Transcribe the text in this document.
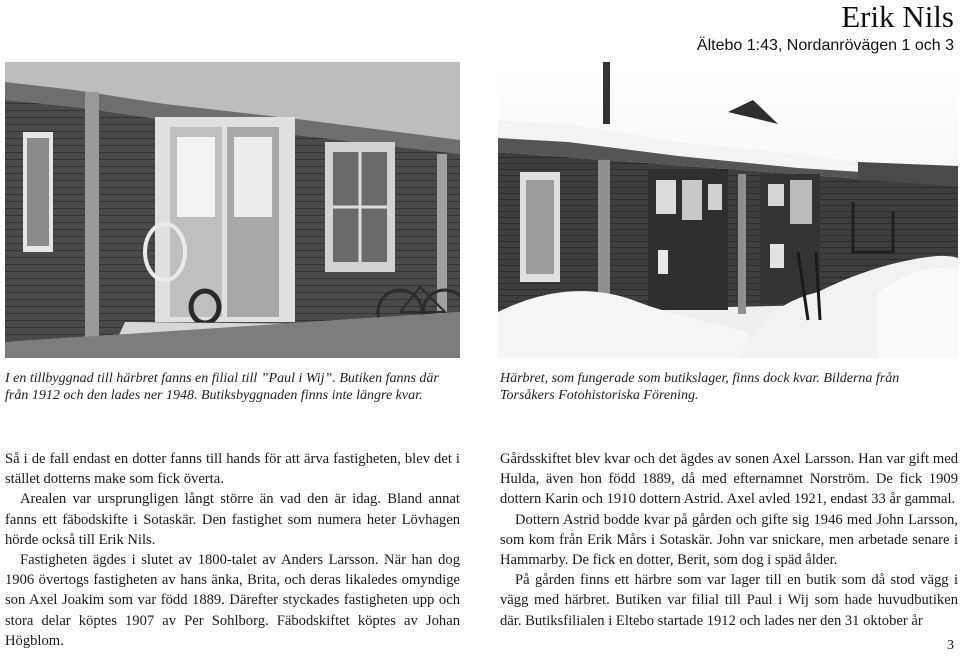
Erik Nils
Ältebo 1:43, Nordanrövägen 1 och 3
I en tillbyggnad till härbret fanns en filial till ”Paul i Wij”. Butiken fanns där från 1912 och den lades ner 1948. Butiksbyggnaden finns inte längre kvar.
Härbret, som fungerade som butikslager, finns dock kvar. Bilderna från Torsåkers Fotohistoriska Förening.

Så i de fall endast en dotter fanns till hands för att ärva fastigheten, blev det i stället dotterns make som fick överta.

Arealen var ursprungligen långt större än vad den är idag. Bland annat fanns ett fäbodskifte i Sotaskär. Den fastighet som numera heter Lövhagen hörde också till Erik Nils.

Fastigheten ägdes i slutet av 1800-talet av Anders Larsson. När han dog 1906 övertogs fastigheten av hans änka, Brita, och deras likaledes omyndige son Axel Joakim som var född 1889. Därefter styckades fastigheten upp och stora delar köptes 1907 av Per Sohlborg. Fäbodskiftet köptes av Johan Högblom.

Gårdsskiftet blev kvar och det ägdes av sonen Axel Larsson. Han var gift med Hulda, även hon född 1889, då med efternamnet Norström. De fick 1909 dottern Karin och 1910 dottern Astrid. Axel avled 1921, endast 33 år gammal.

Dottern Astrid bodde kvar på gården och gifte sig 1946 med John Larsson, som kom från Erik Mårs i Sotaskär. John var snickare, men arbetade senare i Hammarby. De fick en dotter, Berit, som dog i späd ålder.

På gården finns ett härbre som var lager till en butik som då stod vägg i vägg med härbret. Butiken var filial till Paul i Wij som hade huvudbutiken där. Butiksfilialen i Eltebo startade 1912 och lades ner den 31 oktober år

3
